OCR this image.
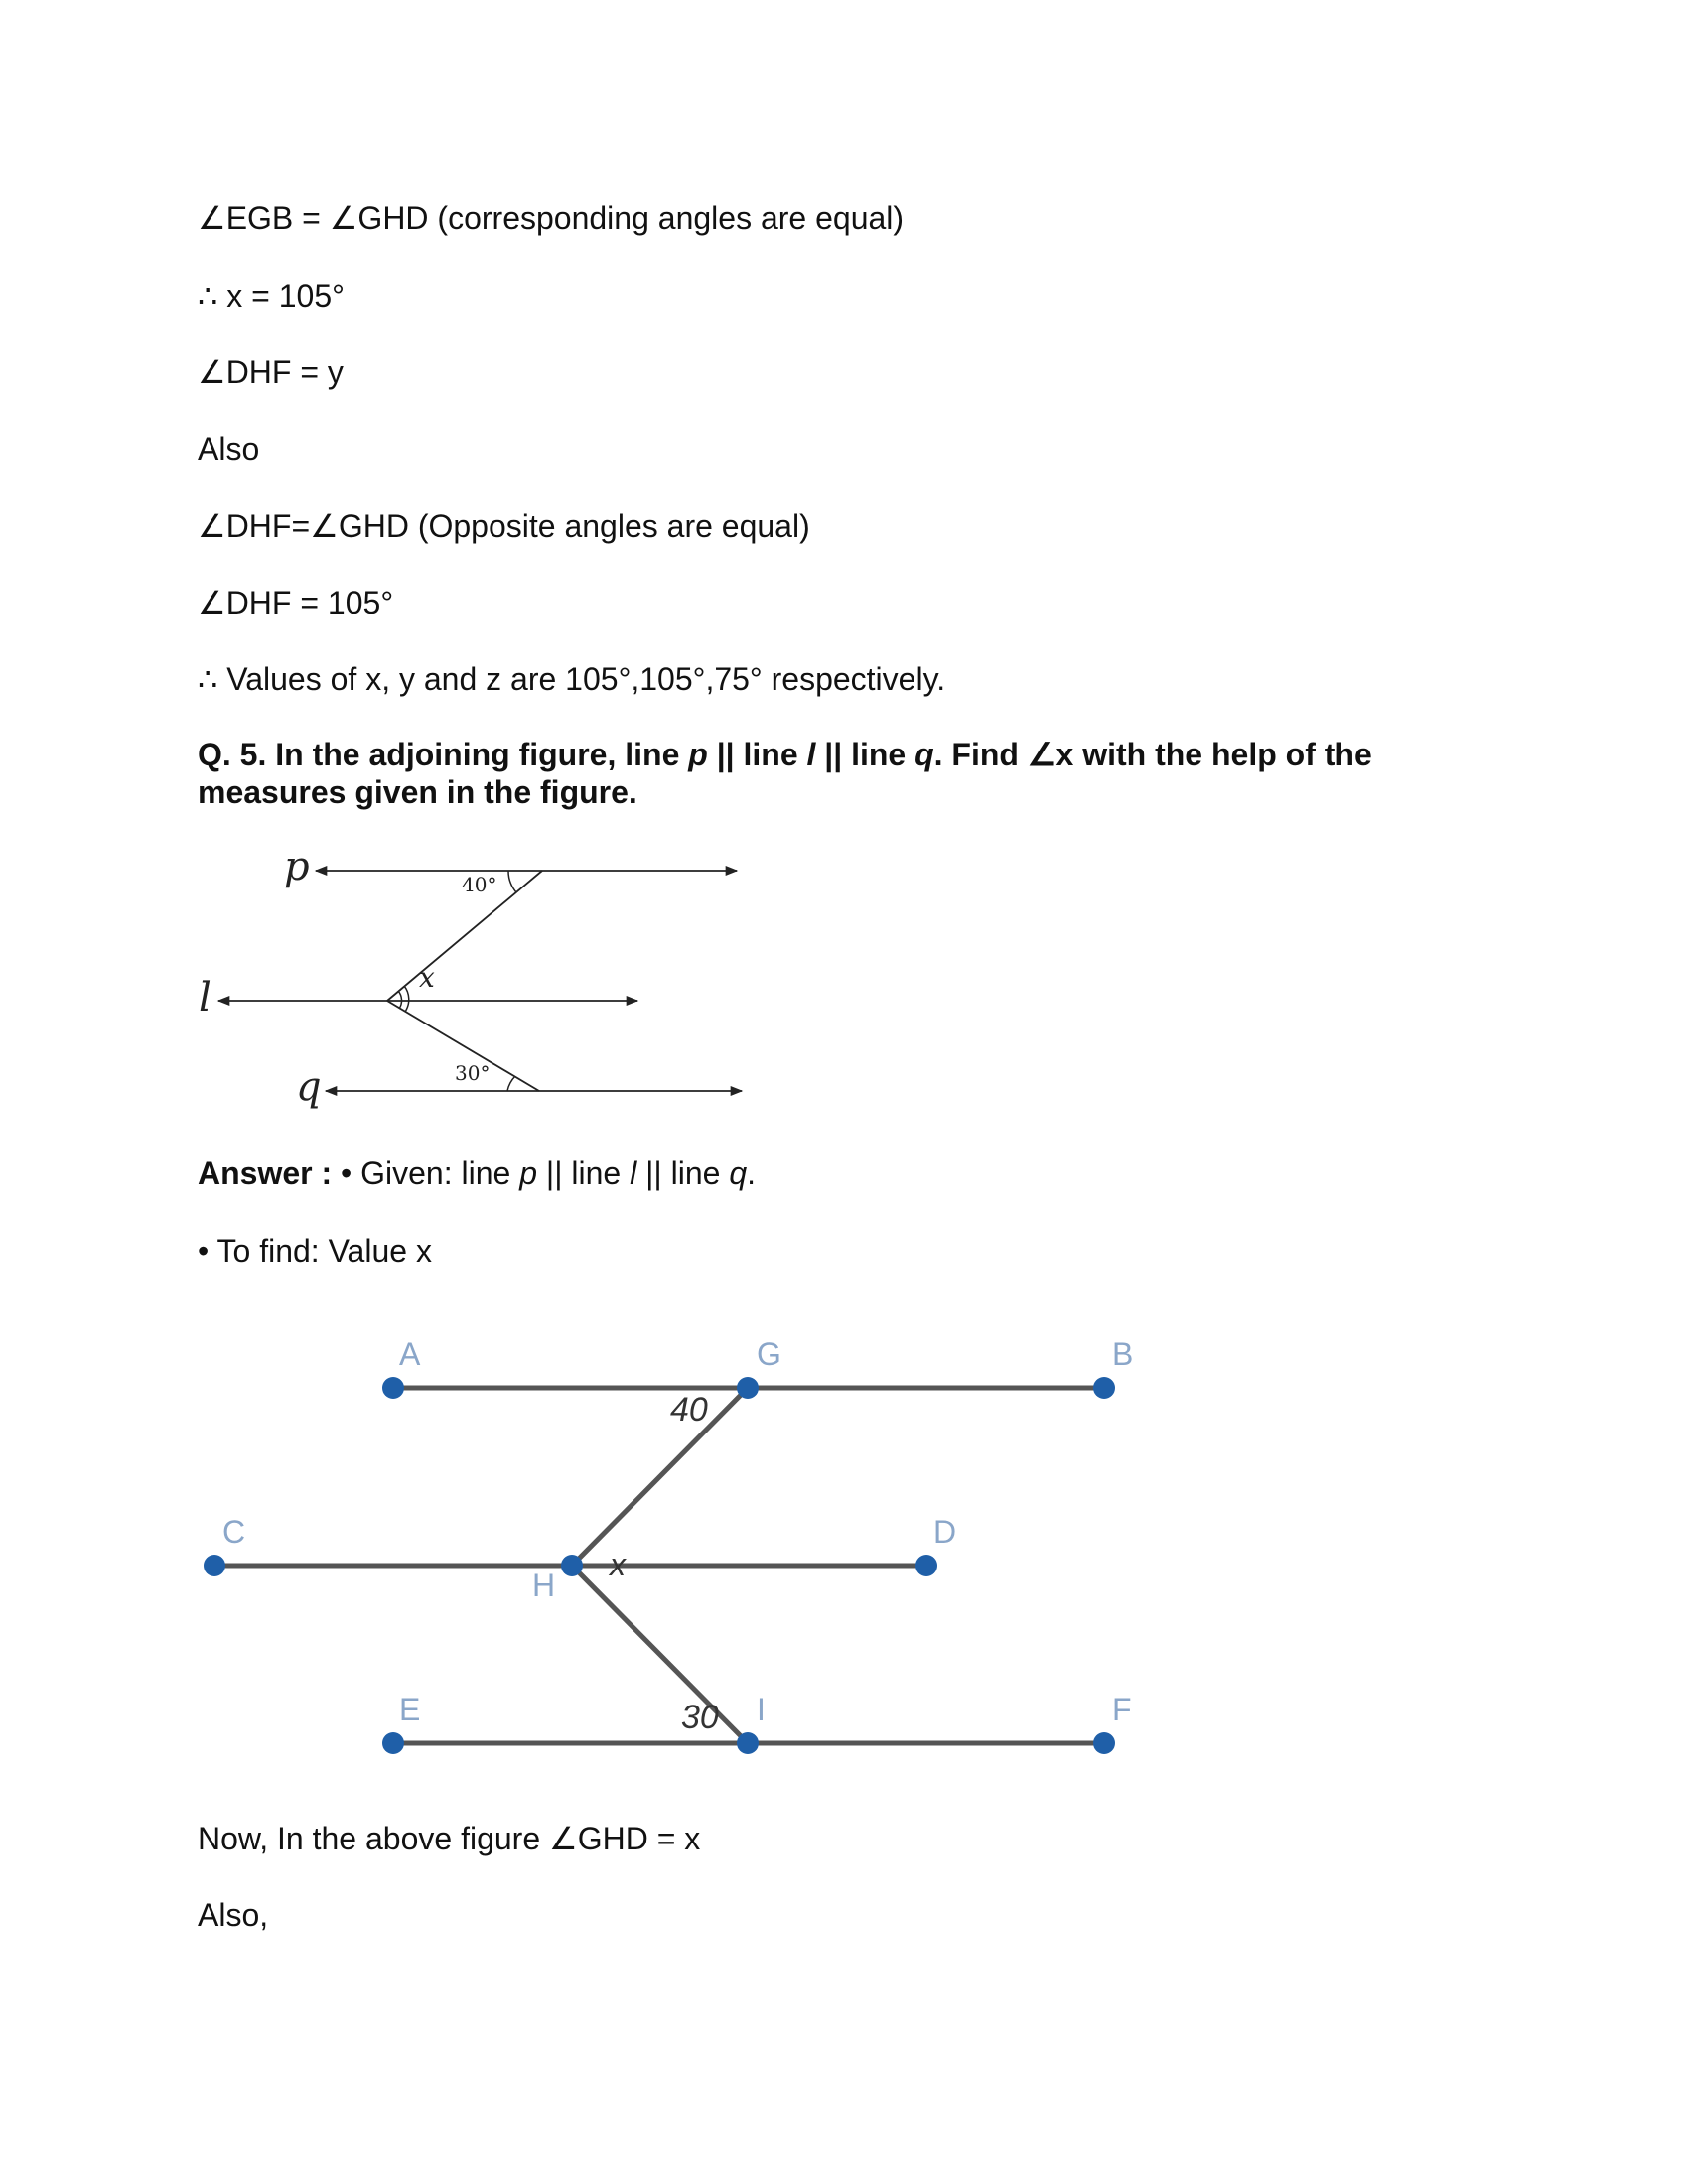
∠EGB = ∠GHD (corresponding angles are equal)
∴ x = 105°
∠DHF = y
Also
∠DHF=∠GHD (Opposite angles are equal)
∠DHF = 105°
∴ Values of x, y and z are 105°,105°,75° respectively.
Q. 5. In the adjoining figure, line p || line l || line q. Find ∠x with the help of the measures given in the figure.
p
l
q
40°
x
30°
Answer : • Given: line p || line l || line q.
• To find: Value x
A	G	B
C
H
D
E	I	F
40
x
30
Now, In the above figure ∠GHD = x
Also,
